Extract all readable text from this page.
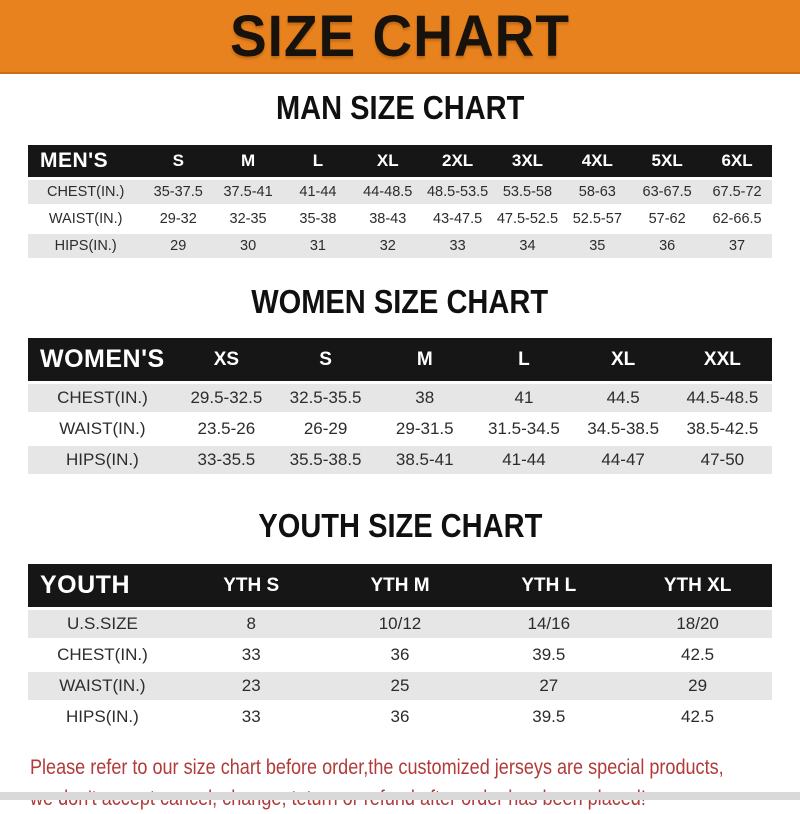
SIZE CHART
MAN SIZE CHART
MEN'S	S	M	L	XL	2XL	3XL	4XL	5XL	6XL
CHEST(IN.)	35-37.5	37.5-41	41-44	44-48.5	48.5-53.5	53.5-58	58-63	63-67.5	67.5-72
WAIST(IN.)	29-32	32-35	35-38	38-43	43-47.5	47.5-52.5	52.5-57	57-62	62-66.5
HIPS(IN.)	29	30	31	32	33	34	35	36	37
WOMEN SIZE CHART
WOMEN'S	XS	S	M	L	XL	XXL
CHEST(IN.)	29.5-32.5	32.5-35.5	38	41	44.5	44.5-48.5
WAIST(IN.)	23.5-26	26-29	29-31.5	31.5-34.5	34.5-38.5	38.5-42.5
HIPS(IN.)	33-35.5	35.5-38.5	38.5-41	41-44	44-47	47-50
YOUTH SIZE CHART
YOUTH	YTH S	YTH M	YTH L	YTH XL
U.S.SIZE	8	10/12	14/16	18/20
CHEST(IN.)	33	36	39.5	42.5
WAIST(IN.)	23	25	27	29
HIPS(IN.)	33	36	39.5	42.5
Please refer to our size chart before order,the customized jerseys are special products,
